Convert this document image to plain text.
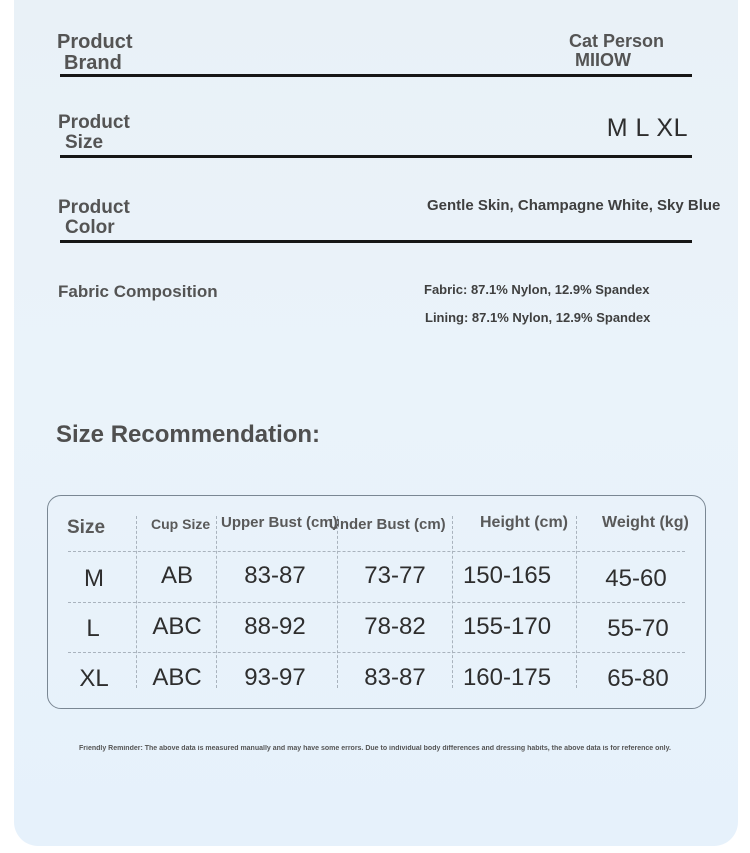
Product
Brand
Cat Person
MIIOW
Product
Size
M L XL
Product
Color
Gentle Skin, Champagne White, Sky Blue
Fabric Composition	Fabric: 87.1% Nylon, 12.9% Spandex
Lining: 87.1% Nylon, 12.9% Spandex
Size Recommendation:
Size	Cup Size Upper Bust (cm)
Under Bust (cm) Height (cm) Weight (kg)
M AB 83-87 73-77 150-165 45-60
L ABC 88-92 78-82 155-170 55-70
XL ABC 93-97 83-87 160-175 65-80
Friendly Reminder: The above data is measured manually and may have some errors. Due to individual body differences and dressing habits, the above data is for reference only.
